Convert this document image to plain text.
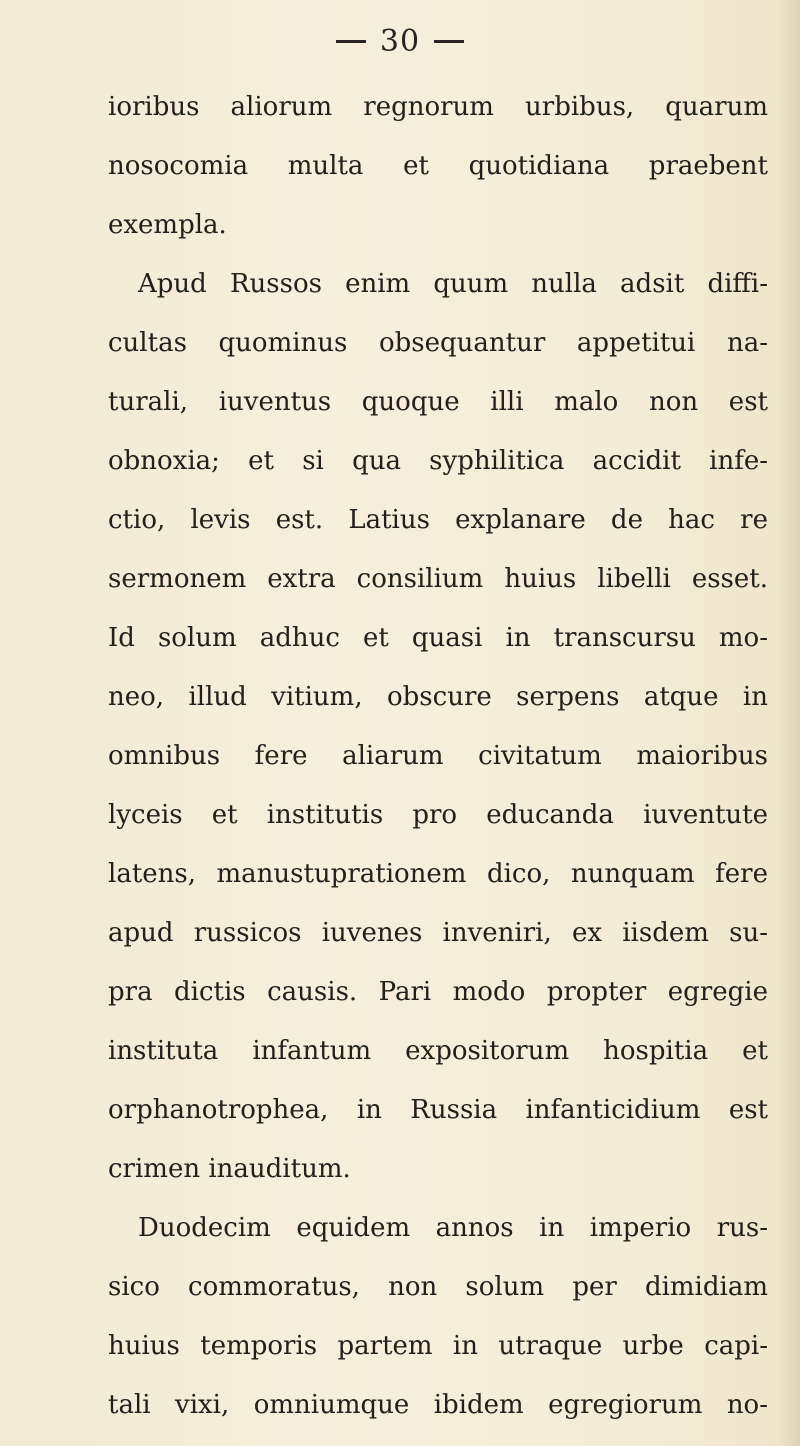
30
ioribus aliorum regnorum urbibus, quarum
nosocomia multa et quotidiana praebent
exempla.
Apud Russos enim quum nulla adsit diffi-
cultas quominus obsequantur appetitui na-
turali, iuventus quoque illi malo non est
obnoxia; et si qua syphilitica accidit infe-
ctio, levis est. Latius explanare de hac re
sermonem extra consilium huius libelli esset.
Id solum adhuc et quasi in transcursu mo-
neo, illud vitium, obscure serpens atque in
omnibus fere aliarum civitatum maioribus
lyceis et institutis pro educanda iuventute
latens, manustuprationem dico, nunquam fere
apud russicos iuvenes inveniri, ex iisdem su-
pra dictis causis. Pari modo propter egregie
instituta infantum expositorum hospitia et
orphanotrophea, in Russia infanticidium est
crimen inauditum.
Duodecim equidem annos in imperio rus-
sico commoratus, non solum per dimidiam
huius temporis partem in utraque urbe capi-
tali vixi, omniumque ibidem egregiorum no-
